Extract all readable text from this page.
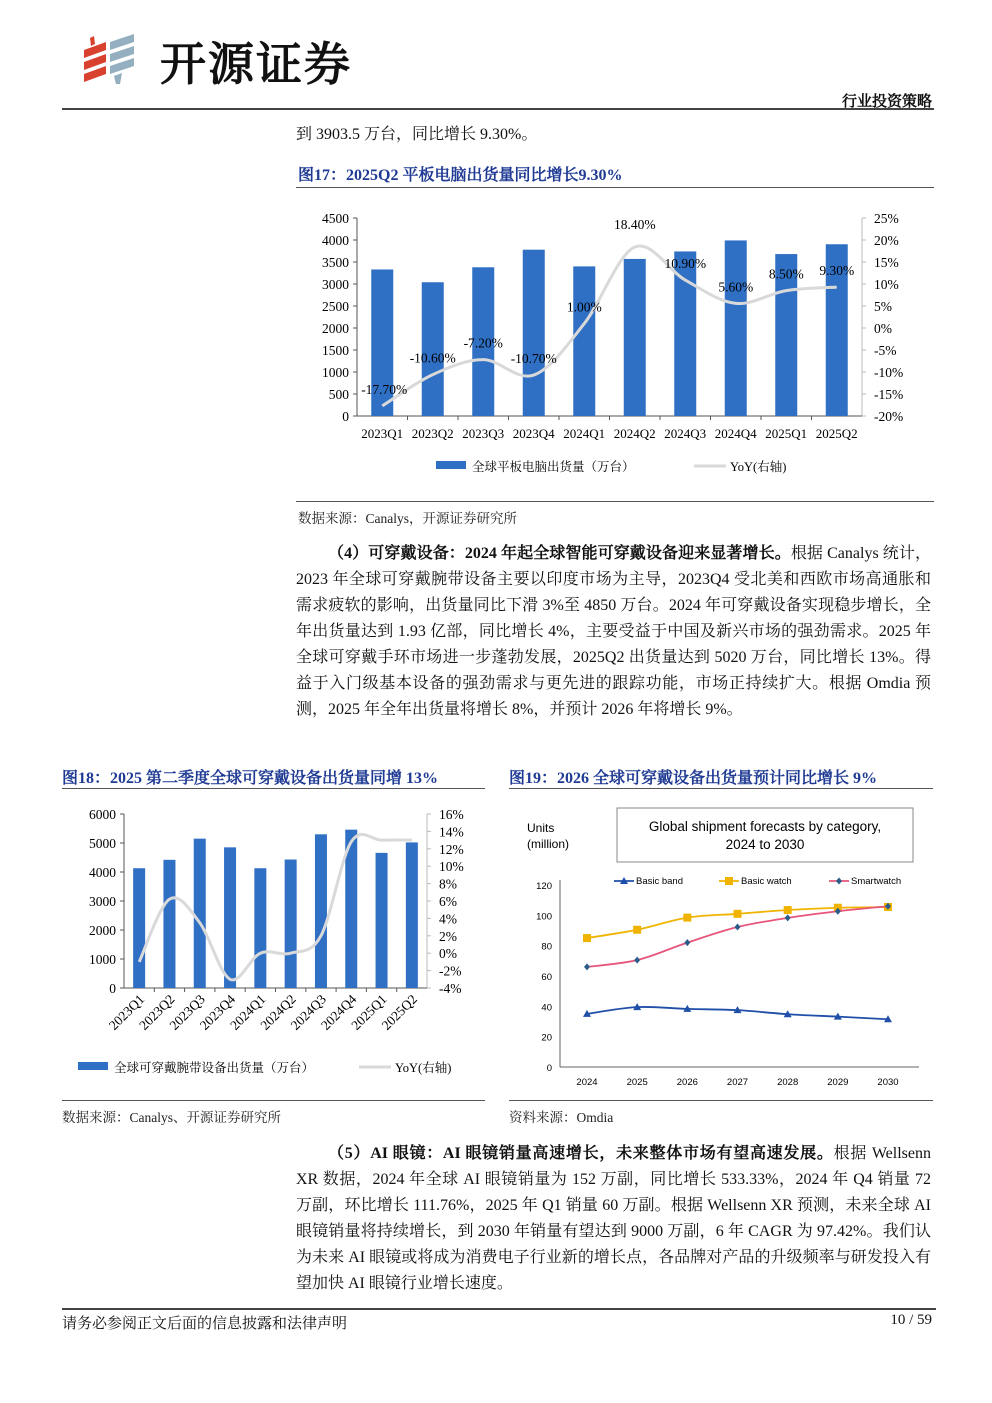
开源证券
行业投资策略
到 3903.5 万台，同比增长 9.30%。
图17：2025Q2 平板电脑出货量同比增长9.30%
0
500
1000
1500
2000
2500
3000
3500
4000
4500
-20%
-15%
-10%
-5%
0%
5%
10%
15%
20%
25%
2023Q1 2023Q2 2023Q3 2023Q4 2024Q1 2024Q2 2024Q3 2024Q4 2025Q1 2025Q2
-17.70%
-10.60%
-7.20%
-10.70%
1.00%
18.40%
10.90%
5.60%
8.50% 9.30%
全球平板电脑出货量（万台）	YoY(右轴)
数据来源：Canalys，开源证券研究所
（4）可穿戴设备：2024 年起全球智能可穿戴设备迎来显著增长。根据 Canalys 统计，2023 年全球可穿戴腕带设备主要以印度市场为主导，2023Q4 受北美和西欧市场高通胀和需求疲软的影响，出货量同比下滑 3%至 4850 万台。2024 年可穿戴设备实现稳步增长，全年出货量达到 1.93 亿部，同比增长 4%，主要受益于中国及新兴市场的强劲需求。2025 年全球可穿戴手环市场进一步蓬勃发展，2025Q2 出货量达到 5020 万台，同比增长 13%。得益于入门级基本设备的强劲需求与更先进的跟踪功能，市场正持续扩大。根据 Omdia 预测，2025 年全年出货量将增长 8%，并预计 2026 年将增长 9%。
图18：2025 第二季度全球可穿戴设备出货量同增 13%	图19：2026 全球可穿戴设备出货量预计同比增长 9%
0
1000
2000
3000
4000
5000
6000
-4%
-2%
0%
2%
4%
6%
8%
10%
12%
14%
16%
2023Q1
2023Q2
2023Q3
2023Q4
2024Q1
2024Q2
2024Q3
2024Q4
2025Q1
2025Q2
全球可穿戴腕带设备出货量（万台）	YoY(右轴)
Global shipment forecasts by category,
2024 to 2030
Units
(million)
0
20
40
60
80
100
120
2024	2025	2026	2027	2028	2029	2030
Basic band	Basic watch	Smartwatch
数据来源：Canalys、开源证券研究所	资料来源：Omdia
（5）AI 眼镜：AI 眼镜销量高速增长，未来整体市场有望高速发展。根据 Wellsenn XR 数据，2024 年全球 AI 眼镜销量为 152 万副，同比增长 533.33%，2024 年 Q4 销量 72 万副，环比增长 111.76%，2025 年 Q1 销量 60 万副。根据 Wellsenn XR 预测，未来全球 AI 眼镜销量将持续增长，到 2030 年销量有望达到 9000 万副，6 年 CAGR 为 97.42%。我们认为未来 AI 眼镜或将成为消费电子行业新的增长点，各品牌对产品的升级频率与研发投入有望加快 AI 眼镜行业增长速度。
请务必参阅正文后面的信息披露和法律声明	10 / 59
